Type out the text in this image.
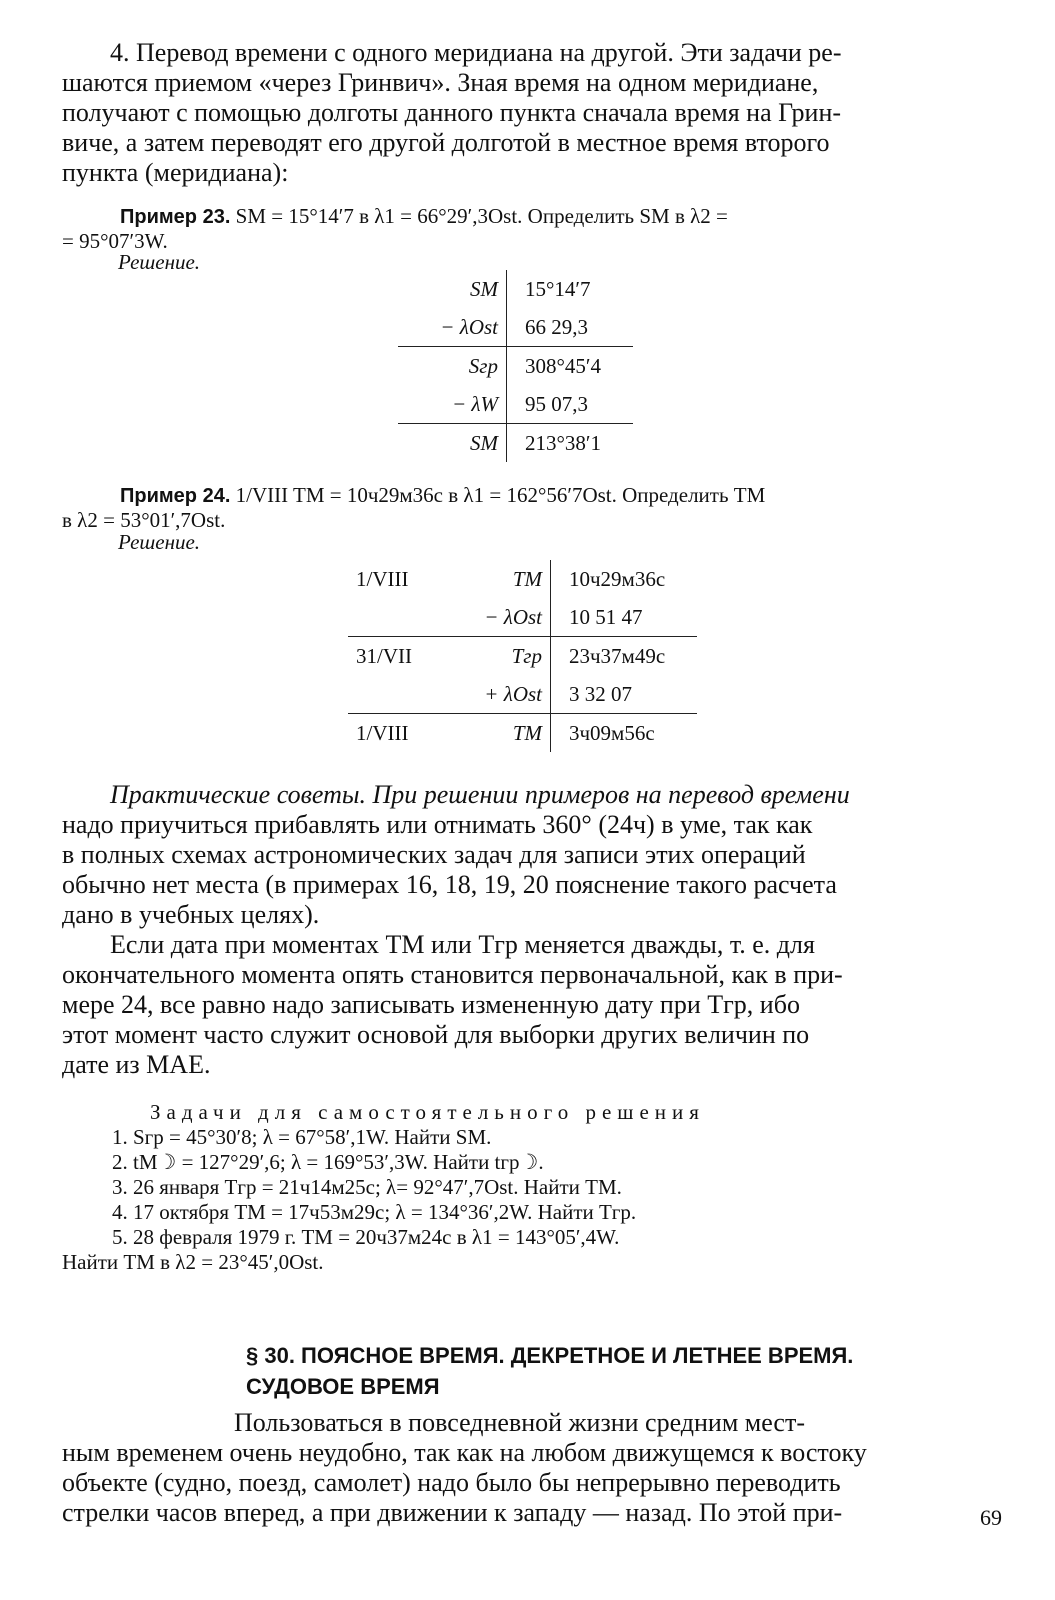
4. Перевод времени с одного меридиана на другой. Эти задачи ре-
шаются приемом «через Гринвич». Зная время на одном меридиане,
получают с помощью долготы данного пункта сначала время на Грин-
виче, а затем переводят его другой долготой в местное время второго
пункта (меридиана):
Пример 23. SМ = 15°14′7 в λ1 = 66°29′,3Ost. Определить SМ в λ2 =
= 95°07′3W.
Решение.
SМ	15°14′7
− λOst	66 29,3
Sгр	308°45′4
− λW	95 07,3
SМ	213°38′1
Пример 24. 1/VIII TМ = 10ч29м36с в λ1 = 162°56′7Ost. Определить TМ
в λ2 = 53°01′,7Ost.
Решение.
1/VIII	TМ	10ч29м36с
	− λOst	10 51 47
31/VII	Tгр	23ч37м49с
	+ λOst	3 32 07
1/VIII	TМ	3ч09м56с
Практические советы. При решении примеров на перевод времени
надо приучиться прибавлять или отнимать 360° (24ч) в уме, так как
в полных схемах астрономических задач для записи этих операций
обычно нет места (в примерах 16, 18, 19, 20 пояснение такого расчета
дано в учебных целях).
Если дата при моментах TМ или Tгр меняется дважды, т. е. для
окончательного момента опять становится первоначальной, как в при-
мере 24, все равно надо записывать измененную дату при Tгр, ибо
этот момент часто служит основой для выборки других величин по
дате из МАЕ.
Задачи для самостоятельного решения
1. Sгр = 45°30′8; λ = 67°58′,1W. Найти SМ.
2. tМ☽ = 127°29′,6; λ = 169°53′,3W. Найти tгр☽.
3. 26 января Tгр = 21ч14м25с; λ= 92°47′,7Ost. Найти TМ.
4. 17 октября TМ = 17ч53м29с; λ = 134°36′,2W. Найти Tгр.
5. 28 февраля 1979 г. TМ = 20ч37м24с в λ1 = 143°05′,4W.
Найти TМ в λ2 = 23°45′,0Ost.
§ 30. ПОЯСНОЕ ВРЕМЯ. ДЕКРЕТНОЕ И ЛЕТНЕЕ ВРЕМЯ.
СУДОВОЕ ВРЕМЯ
Пользоваться в повседневной жизни средним мест-
ным временем очень неудобно, так как на любом движущемся к востоку
объекте (судно, поезд, самолет) надо было бы непрерывно переводить
стрелки часов вперед, а при движении к западу — назад. По этой при-	69
